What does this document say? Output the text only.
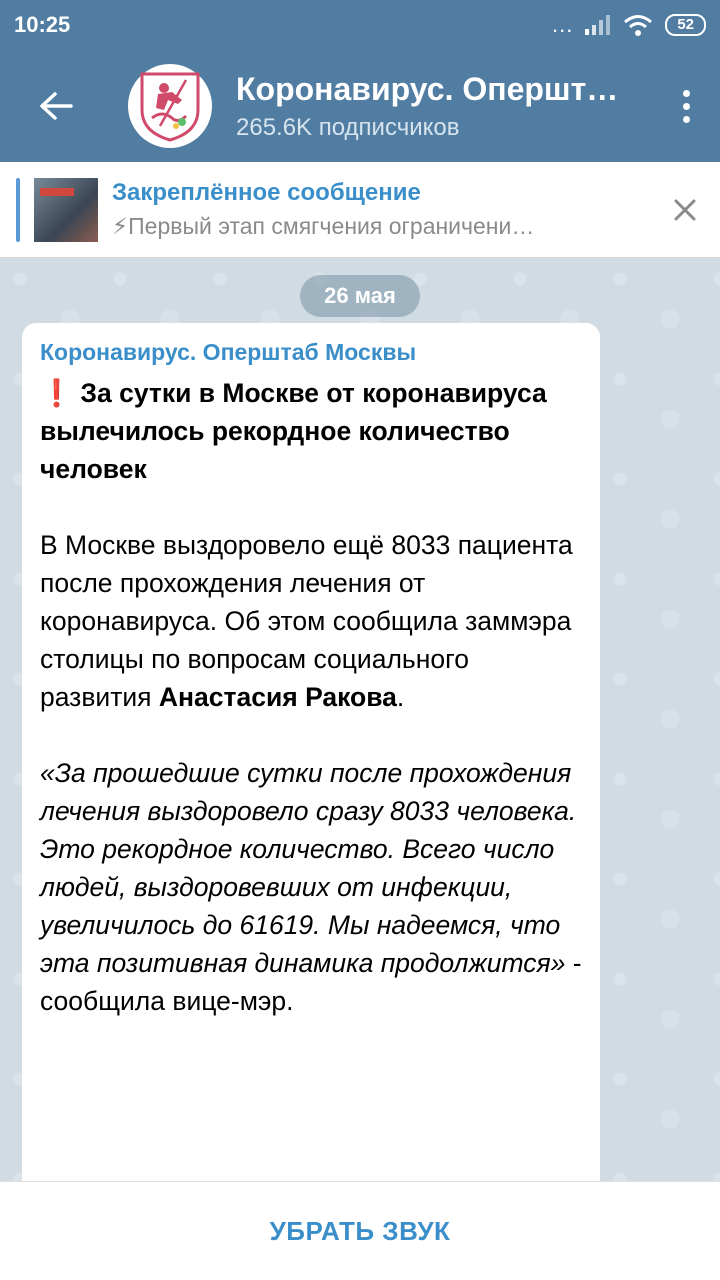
10:25	...	52
Коронавирус. Опершт…
265.6K подписчиков
Закреплённое сообщение
⚡Первый этап смягчения ограничени…
26 мая
Коронавирус. Оперштаб Москвы
❗ За сутки в Москве от коронавируса вылечилось рекордное количество человек
В Москве выздоровело ещё 8033 пациента после прохождения лечения от коронавируса. Об этом сообщила заммэра столицы по вопросам социального развития Анастасия Ракова.
«За прошедшие сутки после прохождения лечения выздоровело сразу 8033 человека. Это рекордное количество. Всего число людей, выздоровевших от инфекции, увеличилось до 61619. Мы надеемся, что эта позитивная динамика продолжится» - сообщила вице-мэр.
УБРАТЬ ЗВУК
